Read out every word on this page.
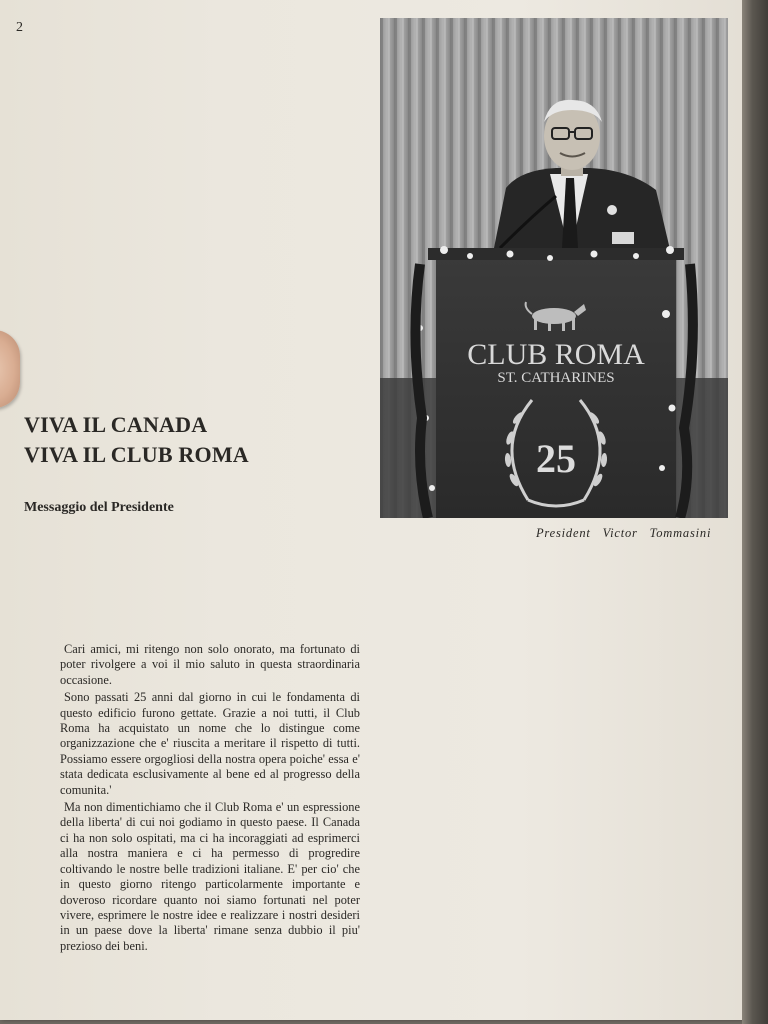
2
VIVA IL CANADA
VIVA IL CLUB ROMA
Messaggio del Presidente

Cari amici, mi ritengo non solo onorato, ma fortunato di poter rivolgere a voi il mio saluto in questa straordinaria occasione.

Sono passati 25 anni dal giorno in cui le fondamenta di questo edificio furono gettate. Grazie a noi tutti, il Club Roma ha acquistato un nome che lo distingue come organizzazione che e' riuscita a meritare il rispetto di tutti. Possiamo essere orgogliosi della nostra opera poiche' essa e' stata dedicata esclusivamente al bene ed al progresso della comunita.'

Ma non dimentichiamo che il Club Roma e' un espressione della liberta' di cui noi godiamo in questo paese. Il Canada ci ha non solo ospitati, ma ci ha incoraggiati ad esprimerci alla nostra maniera e ci ha permesso di progredire coltivando le nostre belle tradizioni italiane. E' per cio' che in questo giorno ritengo particolarmente importante e doveroso ricordare quanto noi siamo fortunati nel poter vivere, esprimere le nostre idee e realizzare i nostri desideri in un paese dove la liberta' rimane senza dubbio il piu' prezioso dei beni.

CLUB ROMA
ST. CATHARINES
25
President Victor Tommasini
